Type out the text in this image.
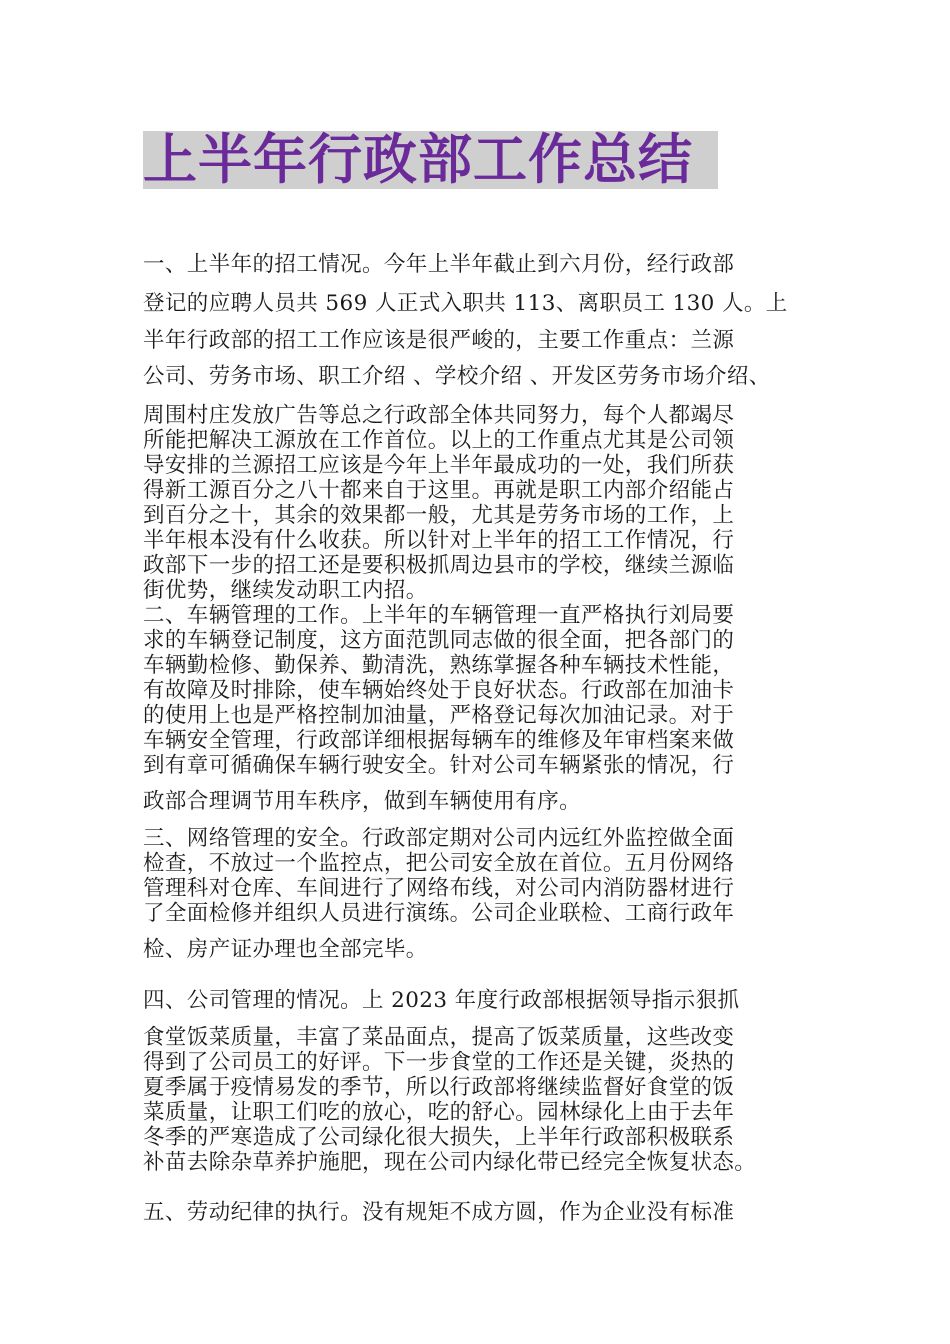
上半年行政部工作总结
一、上半年的招工情况。今年上半年截止到六月份，经行政部
登记的应聘人员共 569 人正式入职共 113、离职员工 130 人。上
半年行政部的招工工作应该是很严峻的，主要工作重点：兰源
公司、劳务市场、职工介绍 、学校介绍 、开发区劳务市场介绍、
周围村庄发放广告等总之行政部全体共同努力，每个人都竭尽
所能把解决工源放在工作首位。以上的工作重点尤其是公司领
导安排的兰源招工应该是今年上半年最成功的一处，我们所获
得新工源百分之八十都来自于这里。再就是职工内部介绍能占
到百分之十，其余的效果都一般，尤其是劳务市场的工作，上
半年根本没有什么收获。所以针对上半年的招工工作情况，行
政部下一步的招工还是要积极抓周边县市的学校，继续兰源临
街优势，继续发动职工内招。
二、车辆管理的工作。上半年的车辆管理一直严格执行刘局要
求的车辆登记制度，这方面范凯同志做的很全面，把各部门的
车辆勤检修、勤保养、勤清洗，熟练掌握各种车辆技术性能，
有故障及时排除，使车辆始终处于良好状态。行政部在加油卡
的使用上也是严格控制加油量，严格登记每次加油记录。对于
车辆安全管理，行政部详细根据每辆车的维修及年审档案来做
到有章可循确保车辆行驶安全。针对公司车辆紧张的情况，行
政部合理调节用车秩序，做到车辆使用有序。
三、网络管理的安全。行政部定期对公司内远红外监控做全面
检查，不放过一个监控点，把公司安全放在首位。五月份网络
管理科对仓库、车间进行了网络布线，对公司内消防器材进行
了全面检修并组织人员进行演练。公司企业联检、工商行政年
检、房产证办理也全部完毕。
四、公司管理的情况。上 2023 年度行政部根据领导指示狠抓
食堂饭菜质量，丰富了菜品面点，提高了饭菜质量，这些改变
得到了公司员工的好评。下一步食堂的工作还是关键，炎热的
夏季属于疫情易发的季节，所以行政部将继续监督好食堂的饭
菜质量，让职工们吃的放心，吃的舒心。园林绿化上由于去年
冬季的严寒造成了公司绿化很大损失，上半年行政部积极联系
补苗去除杂草养护施肥，现在公司内绿化带已经完全恢复状态。
五、劳动纪律的执行。没有规矩不成方圆，作为企业没有标准
